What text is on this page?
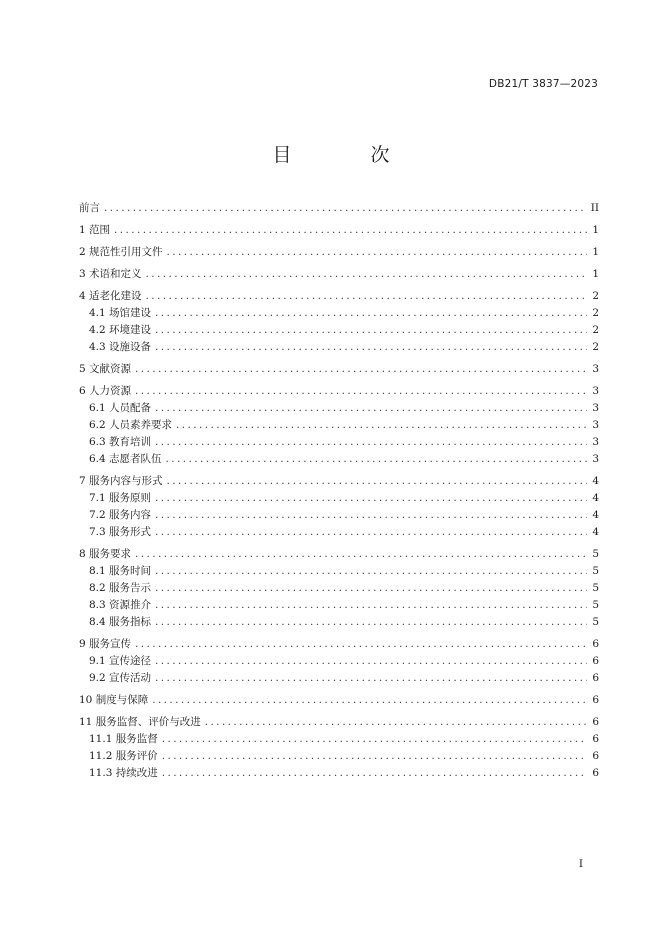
DB21/T 3837—2023
目　次
前言 .....	II
1 范围 .....	1
2 规范性引用文件 .....	1
3 术语和定义 .....	1
4 适老化建设 .....	2
4.1 场馆建设 .....	2
4.2 环境建设 .....	2
4.3 设施设备 .....	2
5 文献资源 .....	3
6 人力资源 .....	3
6.1 人员配备 .....	3
6.2 人员素养要求 .....	3
6.3 教育培训 .....	3
6.4 志愿者队伍 .....	3
7 服务内容与形式 .....	4
7.1 服务原则 .....	4
7.2 服务内容 .....	4
7.3 服务形式 .....	4
8 服务要求 .....	5
8.1 服务时间 .....	5
8.2 服务告示 .....	5
8.3 资源推介 .....	5
8.4 服务指标 .....	5
9 服务宣传 .....	6
9.1 宣传途径 .....	6
9.2 宣传活动 .....	6
10 制度与保障 .....	6
11 服务监督、评价与改进 .....	6
11.1 服务监督 .....	6
11.2 服务评价 .....	6
11.3 持续改进 .....	6
I
